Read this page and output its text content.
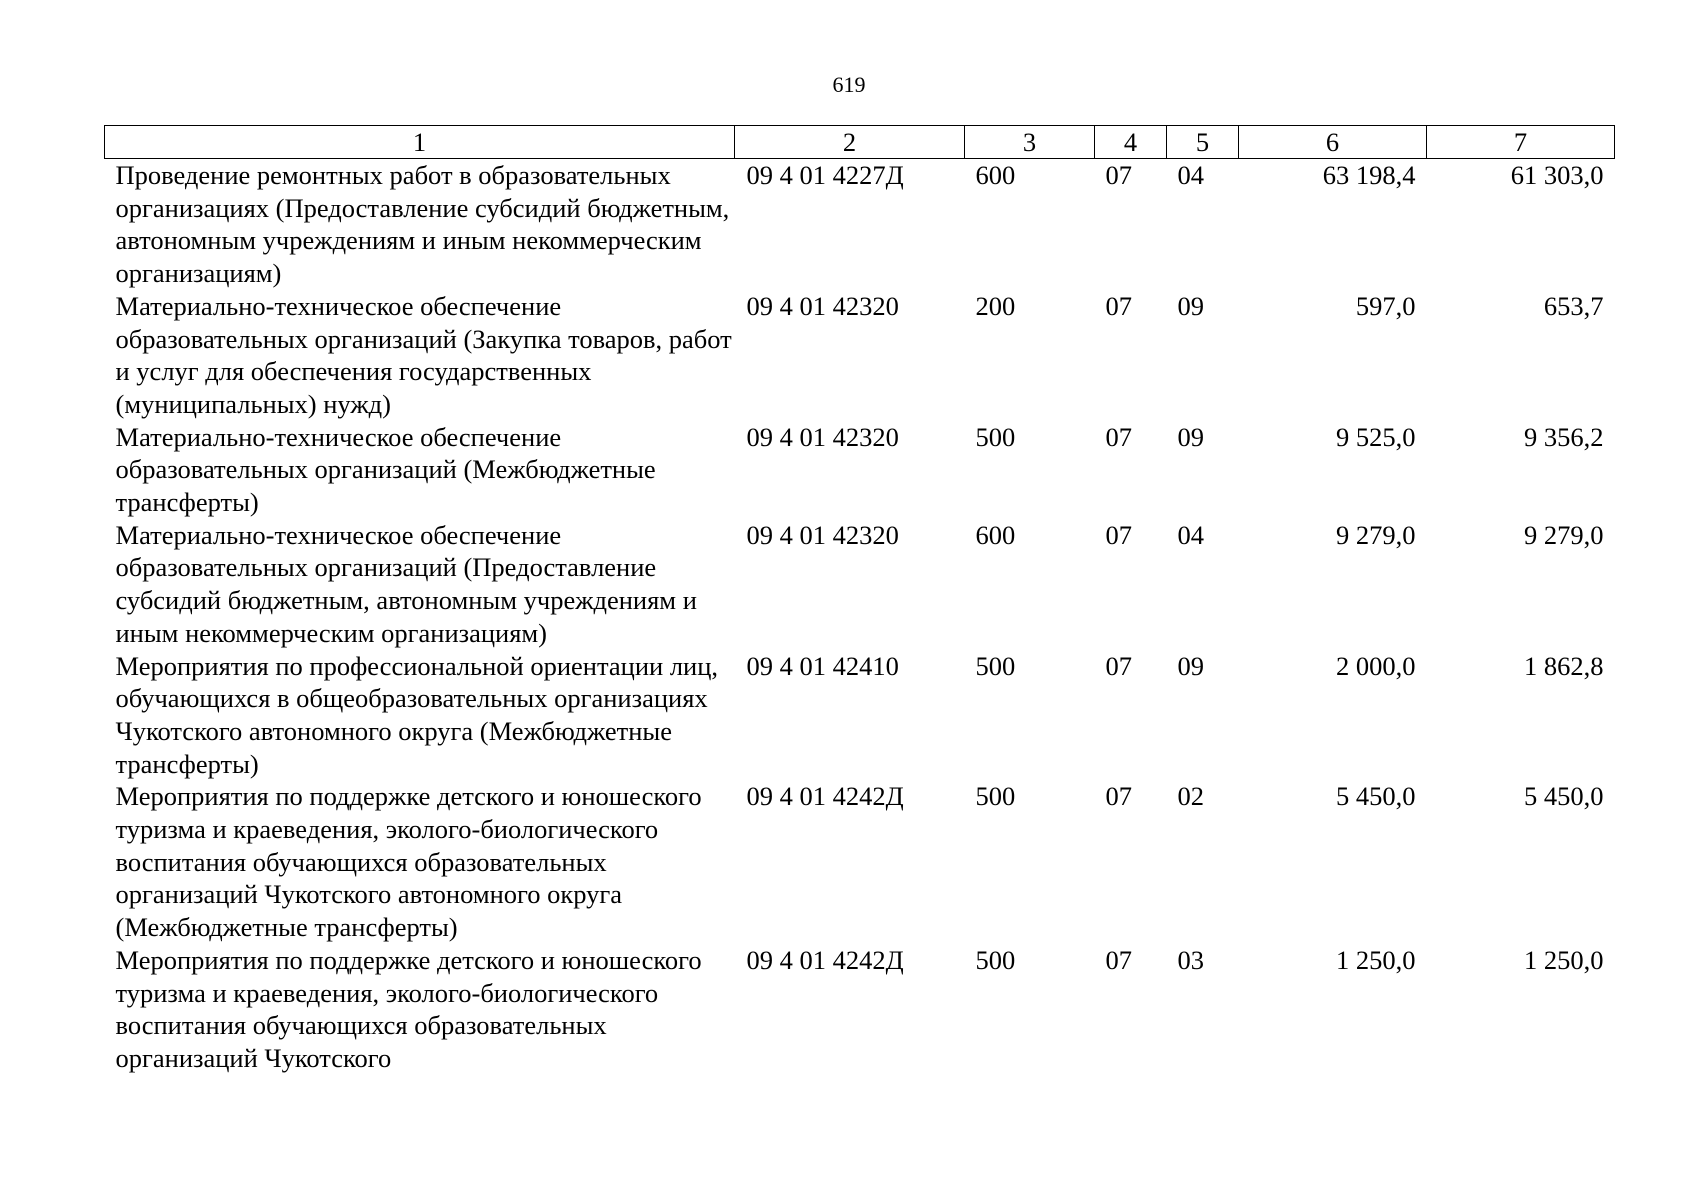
619
1	2	3	4	5	6	7
Проведение ремонтных работ в образовательных организациях (Предоставление субсидий бюджетным, автономным учреждениям и иным некоммерческим организациям)	09 4 01 4227Д	600	07	04	63 198,4	61 303,0
Материально-техническое обеспечение образовательных организаций (Закупка товаров, работ и услуг для обеспечения государственных (муниципальных) нужд)	09 4 01 42320	200	07	09	597,0	653,7
Материально-техническое обеспечение образовательных организаций (Межбюджетные трансферты)	09 4 01 42320	500	07	09	9 525,0	9 356,2
Материально-техническое обеспечение образовательных организаций (Предоставление субсидий бюджетным, автономным учреждениям и иным некоммерческим организациям)	09 4 01 42320	600	07	04	9 279,0	9 279,0
Мероприятия по профессиональной ориентации лиц, обучающихся в общеобразовательных организациях Чукотского автономного округа (Межбюджетные трансферты)	09 4 01 42410	500	07	09	2 000,0	1 862,8
Мероприятия по поддержке детского и юношеского туризма и краеведения, эколого-биологического воспитания обучающихся образовательных организаций Чукотского автономного округа (Межбюджетные трансферты)	09 4 01 4242Д	500	07	02	5 450,0	5 450,0
Мероприятия по поддержке детского и юношеского туризма и краеведения, эколого-биологического воспитания обучающихся образовательных организаций Чукотского	09 4 01 4242Д	500	07	03	1 250,0	1 250,0
